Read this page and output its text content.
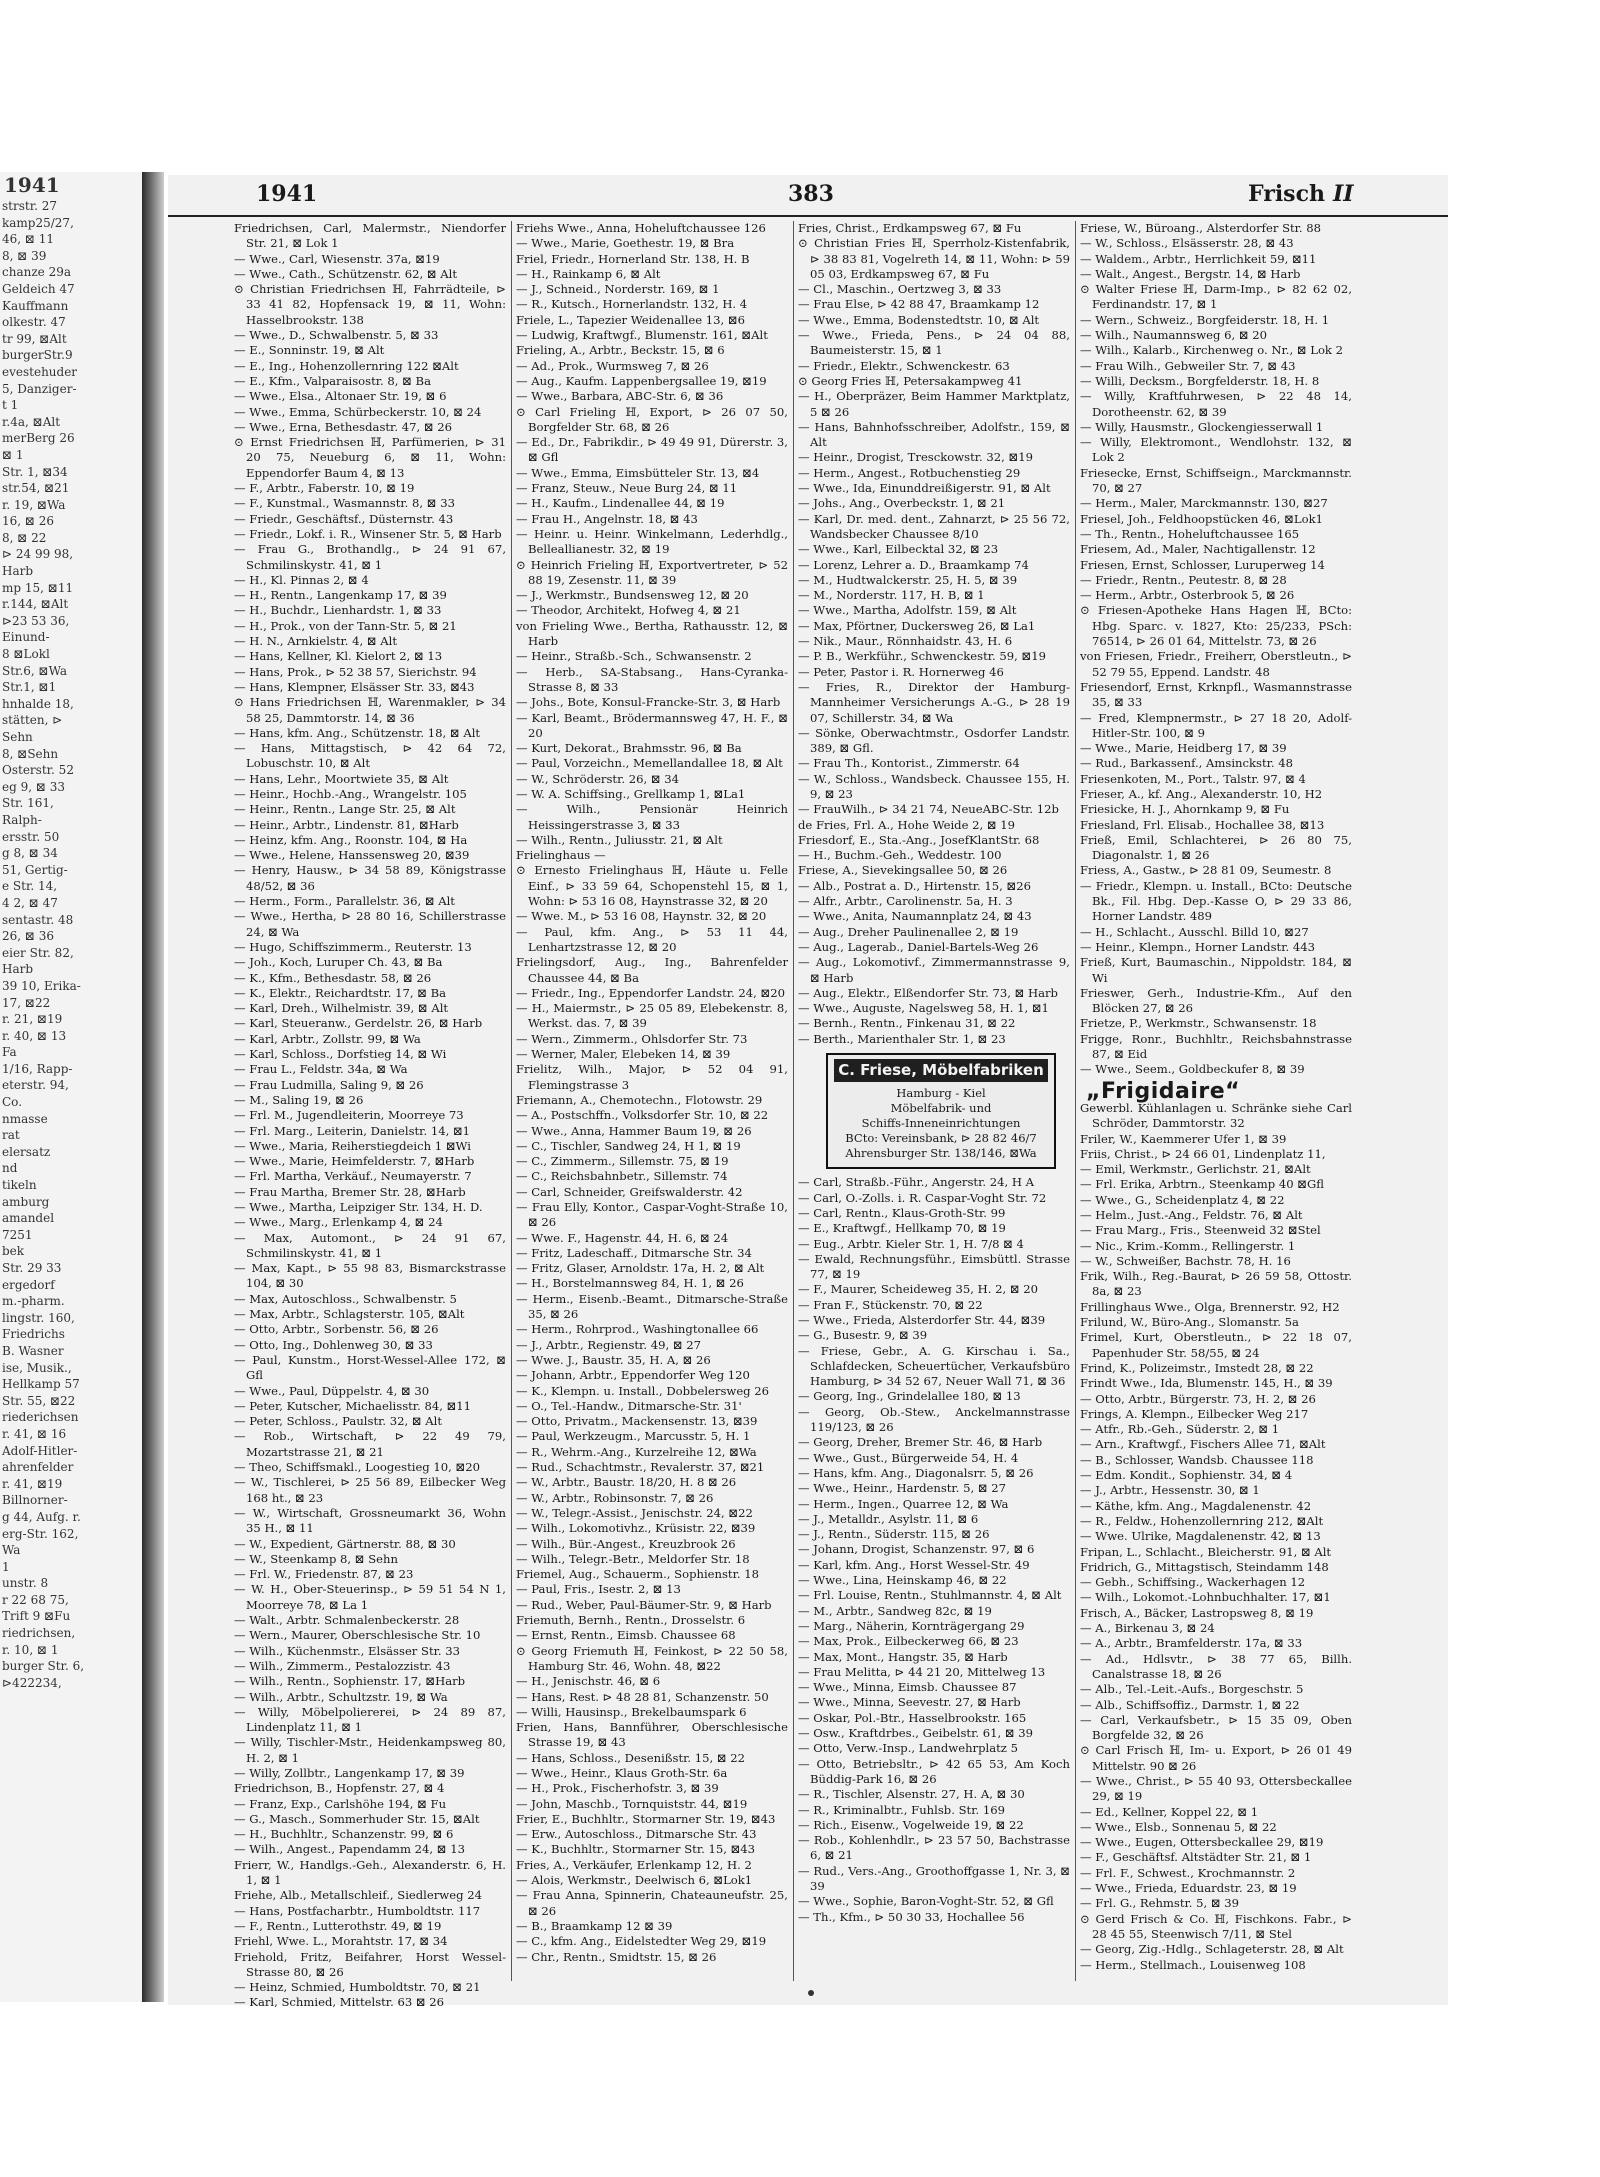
1941
strstr. 27
kamp25/27,
46, ⊠ 11
8, ⊠ 39
chanze 29a
Geldeich 47
Kauffmann
olkestr. 47
tr 99, ⊠Alt
burgerStr.9
evestehuder
5, Danziger-
t 1
r.4a, ⊠Alt
merBerg 26
⊠ 1
Str. 1, ⊠34
str.54, ⊠21
r. 19, ⊠Wa
16, ⊠ 26
8, ⊠ 22
⊳ 24 99 98,
Harb
mp 15, ⊠11
r.144, ⊠Alt
⊳23 53 36,
Einund-
8 ⊠Lokl
Str.6, ⊠Wa
Str.1, ⊠1
hnhalde 18,
stätten, ⊳
Sehn
8, ⊠Sehn
Osterstr. 52
eg 9, ⊠ 33
Str. 161,
Ralph-
ersstr. 50
g 8, ⊠ 34
51, Gertig-
e Str. 14,
4 2, ⊠ 47
sentastr. 48
26, ⊠ 36
eier Str. 82,
Harb
39 10, Erika-
17, ⊠22
r. 21, ⊠19
r. 40, ⊠ 13
Fa
1/16, Rapp-
eterstr. 94,
Co.
nmasse
rat
elersatz
nd
tikeln
amburg
amandel
7251
bek
Str. 29 33
ergedorf
m.-pharm.
lingstr. 160,
Friedrichs
B. Wasner
ise, Musik.,
Hellkamp 57
Str. 55, ⊠22
riederichsen
r. 41, ⊠ 16
Adolf-Hitler-
ahrenfelder
r. 41, ⊠19
Billnorner-
g 44, Aufg. r.
erg-Str. 162,
Wa
1
unstr. 8
r 22 68 75,
Trift 9 ⊠Fu
riedrichsen,
r. 10, ⊠ 1
burger Str. 6,
⊳422234,
1941	383	Frisch II

Friedrichsen, Carl, Malermstr., Niendorfer Str. 21, ⊠ Lok 1

— Wwe., Carl, Wiesenstr. 37a, ⊠19

— Wwe., Cath., Schützenstr. 62, ⊠ Alt

⊙ Christian Friedrichsen ℍ, Fahrrädteile, ⊳ 33 41 82, Hopfensack 19, ⊠ 11, Wohn: Hasselbrookstr. 138

— Wwe., D., Schwalbenstr. 5, ⊠ 33

— E., Sonninstr. 19, ⊠ Alt

— E., Ing., Hohenzollernring 122 ⊠Alt

— E., Kfm., Valparaisostr. 8, ⊠ Ba

— Wwe., Elsa., Altonaer Str. 19, ⊠ 6

— Wwe., Emma, Schürbeckerstr. 10, ⊠ 24

— Wwe., Erna, Bethesdastr. 47, ⊠ 26

⊙ Ernst Friedrichsen ℍ, Parfümerien, ⊳ 31 20 75, Neueburg 6, ⊠ 11, Wohn: Eppendorfer Baum 4, ⊠ 13

— F., Arbtr., Faberstr. 10, ⊠ 19

— F., Kunstmal., Wasmannstr. 8, ⊠ 33

— Friedr., Geschäftsf., Düsternstr. 43

— Friedr., Lokf. i. R., Winsener Str. 5, ⊠ Harb

— Frau G., Brothandlg., ⊳ 24 91 67, Schmilinskystr. 41, ⊠ 1

— H., Kl. Pinnas 2, ⊠ 4

— H., Rentn., Langenkamp 17, ⊠ 39

— H., Buchdr., Lienhardstr. 1, ⊠ 33

— H., Prok., von der Tann-Str. 5, ⊠ 21

— H. N., Arnkielstr. 4, ⊠ Alt

— Hans, Kellner, Kl. Kielort 2, ⊠ 13

— Hans, Prok., ⊳ 52 38 57, Sierichstr. 94

— Hans, Klempner, Elsässer Str. 33, ⊠43

⊙ Hans Friedrichsen ℍ, Warenmakler, ⊳ 34 58 25, Dammtorstr. 14, ⊠ 36

— Hans, kfm. Ang., Schützenstr. 18, ⊠ Alt

— Hans, Mittagstisch, ⊳ 42 64 72, Lobuschstr. 10, ⊠ Alt

— Hans, Lehr., Moortwiete 35, ⊠ Alt

— Heinr., Hochb.-Ang., Wrangelstr. 105

— Heinr., Rentn., Lange Str. 25, ⊠ Alt

— Heinr., Arbtr., Lindenstr. 81, ⊠Harb

— Heinz, kfm. Ang., Roonstr. 104, ⊠ Ha

— Wwe., Helene, Hanssensweg 20, ⊠39

— Henry, Hausw., ⊳ 34 58 89, Königstrasse 48/52, ⊠ 36

— Herm., Form., Parallelstr. 36, ⊠ Alt

— Wwe., Hertha, ⊳ 28 80 16, Schillerstrasse 24, ⊠ Wa

— Hugo, Schiffszimmerm., Reuterstr. 13

— Joh., Koch, Luruper Ch. 43, ⊠ Ba

— K., Kfm., Bethesdastr. 58, ⊠ 26

— K., Elektr., Reichardtstr. 17, ⊠ Ba

— Karl, Dreh., Wilhelmistr. 39, ⊠ Alt

— Karl, Steueranw., Gerdelstr. 26, ⊠ Harb

— Karl, Arbtr., Zollstr. 99, ⊠ Wa

— Karl, Schloss., Dorfstieg 14, ⊠ Wi

— Frau L., Feldstr. 34a, ⊠ Wa

— Frau Ludmilla, Saling 9, ⊠ 26

— M., Saling 19, ⊠ 26

— Frl. M., Jugendleiterin, Moorreye 73

— Frl. Marg., Leiterin, Danielstr. 14, ⊠1

— Wwe., Maria, Reiherstiegdeich 1 ⊠Wi

— Wwe., Marie, Heimfelderstr. 7, ⊠Harb

— Frl. Martha, Verkäuf., Neumayerstr. 7

— Frau Martha, Bremer Str. 28, ⊠Harb

— Wwe., Martha, Leipziger Str. 134, H. D.

— Wwe., Marg., Erlenkamp 4, ⊠ 24

— Max, Automont., ⊳ 24 91 67, Schmilinskystr. 41, ⊠ 1

— Max, Kapt., ⊳ 55 98 83, Bismarckstrasse 104, ⊠ 30

— Max, Autoschloss., Schwalbenstr. 5

— Max, Arbtr., Schlagsterstr. 105, ⊠Alt

— Otto, Arbtr., Sorbenstr. 56, ⊠ 26

— Otto, Ing., Dohlenweg 30, ⊠ 33

— Paul, Kunstm., Horst-Wessel-Allee 172, ⊠ Gfl

— Wwe., Paul, Düppelstr. 4, ⊠ 30

— Peter, Kutscher, Michaelisstr. 84, ⊠11

— Peter, Schloss., Paulstr. 32, ⊠ Alt

— Rob., Wirtschaft, ⊳ 22 49 79, Mozartstrasse 21, ⊠ 21

— Theo, Schiffsmakl., Loogestieg 10, ⊠20

— W., Tischlerei, ⊳ 25 56 89, Eilbecker Weg 168 ht., ⊠ 23

— W., Wirtschaft, Grossneumarkt 36, Wohn 35 H., ⊠ 11

— W., Expedient, Gärtnerstr. 88, ⊠ 30

— W., Steenkamp 8, ⊠ Sehn

— Frl. W., Friedenstr. 87, ⊠ 23

— W. H., Ober-Steuerinsp., ⊳ 59 51 54 N 1, Moorreye 78, ⊠ La 1

— Walt., Arbtr. Schmalenbeckerstr. 28

— Wern., Maurer, Oberschlesische Str. 10

— Wilh., Küchenmstr., Elsässer Str. 33

— Wilh., Zimmerm., Pestalozzistr. 43

— Wilh., Rentn., Sophienstr. 17, ⊠Harb

— Wilh., Arbtr., Schultzstr. 19, ⊠ Wa

— Willy, Möbelpoliererei, ⊳ 24 89 87, Lindenplatz 11, ⊠ 1

— Willy, Tischler-Mstr., Heidenkampsweg 80, H. 2, ⊠ 1

— Willy, Zollbtr., Langenkamp 17, ⊠ 39

Friedrichson, B., Hopfenstr. 27, ⊠ 4

— Franz, Exp., Carlshöhe 194, ⊠ Fu

— G., Masch., Sommerhuder Str. 15, ⊠Alt

— H., Buchhltr., Schanzenstr. 99, ⊠ 6

— Wilh., Angest., Papendamm 24, ⊠ 13

Frierr, W., Handlgs.-Geh., Alexanderstr. 6, H. 1, ⊠ 1

Friehe, Alb., Metallschleif., Siedlerweg 24

— Hans, Postfacharbtr., Humboldtstr. 117

— F., Rentn., Lutterothstr. 49, ⊠ 19

Friehl, Wwe. L., Morahtstr. 17, ⊠ 34

Friehold, Fritz, Beifahrer, Horst Wessel-Strasse 80, ⊠ 26

— Heinz, Schmied, Humboldtstr. 70, ⊠ 21

— Karl, Schmied, Mittelstr. 63 ⊠ 26

Friehs Wwe., Anna, Hoheluftchaussee 126

— Wwe., Marie, Goethestr. 19, ⊠ Bra

Friel, Friedr., Hornerland Str. 138, H. B

— H., Rainkamp 6, ⊠ Alt

— J., Schneid., Norderstr. 169, ⊠ 1

— R., Kutsch., Hornerlandstr. 132, H. 4

Friele, L., Tapezier Weidenallee 13, ⊠6

— Ludwig, Kraftwgf., Blumenstr. 161, ⊠Alt

Frieling, A., Arbtr., Beckstr. 15, ⊠ 6

— Ad., Prok., Wurmsweg 7, ⊠ 26

— Aug., Kaufm. Lappenbergsallee 19, ⊠19

— Wwe., Barbara, ABC-Str. 6, ⊠ 36

⊙ Carl Frieling ℍ, Export, ⊳ 26 07 50, Borgfelder Str. 68, ⊠ 26

— Ed., Dr., Fabrikdir., ⊳ 49 49 91, Dürerstr. 3, ⊠ Gfl

— Wwe., Emma, Eimsbütteler Str. 13, ⊠4

— Franz, Steuw., Neue Burg 24, ⊠ 11

— H., Kaufm., Lindenallee 44, ⊠ 19

— Frau H., Angelnstr. 18, ⊠ 43

— Heinr. u. Heinr. Winkelmann, Lederhdlg., Belleallianestr. 32, ⊠ 19

⊙ Heinrich Frieling ℍ, Exportvertreter, ⊳ 52 88 19, Zesenstr. 11, ⊠ 39

— J., Werkmstr., Bundsensweg 12, ⊠ 20

— Theodor, Architekt, Hofweg 4, ⊠ 21

von Frieling Wwe., Bertha, Rathausstr. 12, ⊠ Harb

— Heinr., Straßb.-Sch., Schwansenstr. 2

— Herb., SA-Stabsang., Hans-Cyranka-Strasse 8, ⊠ 33

— Johs., Bote, Konsul-Francke-Str. 3, ⊠ Harb

— Karl, Beamt., Brödermannsweg 47, H. F., ⊠ 20

— Kurt, Dekorat., Brahmsstr. 96, ⊠ Ba

— Paul, Vorzeichn., Memellandallee 18, ⊠ Alt

— W., Schröderstr. 26, ⊠ 34

— W. A. Schiffsing., Grellkamp 1, ⊠La1

— Wilh., Pensionär Heinrich Heissingerstrasse 3, ⊠ 33

— Wilh., Rentn., Juliusstr. 21, ⊠ Alt

Frielinghaus —

⊙ Ernesto Frielinghaus ℍ, Häute u. Felle Einf., ⊳ 33 59 64, Schopenstehl 15, ⊠ 1, Wohn: ⊳ 53 16 08, Haynstrasse 32, ⊠ 20

— Wwe. M., ⊳ 53 16 08, Haynstr. 32, ⊠ 20

— Paul, kfm. Ang., ⊳ 53 11 44, Lenhartzstrasse 12, ⊠ 20

Frielingsdorf, Aug., Ing., Bahrenfelder Chaussee 44, ⊠ Ba

— Friedr., Ing., Eppendorfer Landstr. 24, ⊠20

— H., Maiermstr., ⊳ 25 05 89, Elebekenstr. 8, Werkst. das. 7, ⊠ 39

— Wern., Zimmerm., Ohlsdorfer Str. 73

— Werner, Maler, Elebeken 14, ⊠ 39

Frielitz, Wilh., Major, ⊳ 52 04 91, Flemingstrasse 3

Friemann, A., Chemotechn., Flotowstr. 29

— A., Postschffn., Volksdorfer Str. 10, ⊠ 22

— Wwe., Anna, Hammer Baum 19, ⊠ 26

— C., Tischler, Sandweg 24, H 1, ⊠ 19

— C., Zimmerm., Sillemstr. 75, ⊠ 19

— C., Reichsbahnbetr., Sillemstr. 74

— Carl, Schneider, Greifswalderstr. 42

— Frau Elly, Kontor., Caspar-Voght-Straße 10, ⊠ 26

— Wwe. F., Hagenstr. 44, H. 6, ⊠ 24

— Fritz, Ladeschaff., Ditmarsche Str. 34

— Fritz, Glaser, Arnoldstr. 17a, H. 2, ⊠ Alt

— H., Borstelmannsweg 84, H. 1, ⊠ 26

— Herm., Eisenb.-Beamt., Ditmarsche-Straße 35, ⊠ 26

— Herm., Rohrprod., Washingtonallee 66

— J., Arbtr., Regienstr. 49, ⊠ 27

— Wwe. J., Baustr. 35, H. A, ⊠ 26

— Johann, Arbtr., Eppendorfer Weg 120

— K., Klempn. u. Install., Dobbelersweg 26

— O., Tel.-Handw., Ditmarsche-Str. 31'

— Otto, Privatm., Mackensenstr. 13, ⊠39

— Paul, Werkzeugm., Marcusstr. 5, H. 1

— R., Wehrm.-Ang., Kurzelreihe 12, ⊠Wa

— Rud., Schachtmstr., Revalerstr. 37, ⊠21

— W., Arbtr., Baustr. 18/20, H. 8 ⊠ 26

— W., Arbtr., Robinsonstr. 7, ⊠ 26

— W., Telegr.-Assist., Jenischstr. 24, ⊠22

— Wilh., Lokomotivhz., Krüsistr. 22, ⊠39

— Wilh., Bür.-Angest., Kreuzbrook 26

— Wilh., Telegr.-Betr., Meldorfer Str. 18

Friemel, Aug., Schauerm., Sophienstr. 18

— Paul, Fris., Isestr. 2, ⊠ 13

— Rud., Weber, Paul-Bäumer-Str. 9, ⊠ Harb

Friemuth, Bernh., Rentn., Drosselstr. 6

— Ernst, Rentn., Eimsb. Chaussee 68

⊙ Georg Friemuth ℍ, Feinkost, ⊳ 22 50 58, Hamburg Str. 46, Wohn. 48, ⊠22

— H., Jenischstr. 46, ⊠ 6

— Hans, Rest. ⊳ 48 28 81, Schanzenstr. 50

— Willi, Hausinsp., Brekelbaumspark 6

Frien, Hans, Bannführer, Oberschlesische Strasse 19, ⊠ 43

— Hans, Schloss., Desenißstr. 15, ⊠ 22

— Wwe., Heinr., Klaus Groth-Str. 6a

— H., Prok., Fischerhofstr. 3, ⊠ 39

— John, Maschb., Tornquiststr. 44, ⊠19

Frier, E., Buchhltr., Stormarner Str. 19, ⊠43

— Erw., Autoschloss., Ditmarsche Str. 43

— K., Buchhltr., Stormarner Str. 15, ⊠43

Fries, A., Verkäufer, Erlenkamp 12, H. 2

— Alois, Werkmstr., Deelwisch 6, ⊠Lok1

— Frau Anna, Spinnerin, Chateauneufstr. 25, ⊠ 26

— B., Braamkamp 12 ⊠ 39

— C., kfm. Ang., Eidelstedter Weg 29, ⊠19

— Chr., Rentn., Smidtstr. 15, ⊠ 26

Fries, Christ., Erdkampsweg 67, ⊠ Fu

⊙ Christian Fries ℍ, Sperrholz-Kistenfabrik, ⊳ 38 83 81, Vogelreth 14, ⊠ 11, Wohn: ⊳ 59 05 03, Erdkampsweg 67, ⊠ Fu

— Cl., Maschin., Oertzweg 3, ⊠ 33

— Frau Else, ⊳ 42 88 47, Braamkamp 12

— Wwe., Emma, Bodenstedtstr. 10, ⊠ Alt

— Wwe., Frieda, Pens., ⊳ 24 04 88, Baumeisterstr. 15, ⊠ 1

— Friedr., Elektr., Schwenckestr. 63

⊙ Georg Fries ℍ, Petersakampweg 41

— H., Oberpräzer, Beim Hammer Marktplatz, 5 ⊠ 26

— Hans, Bahnhofsschreiber, Adolfstr., 159, ⊠ Alt

— Heinr., Drogist, Tresckowstr. 32, ⊠19

— Herm., Angest., Rotbuchenstieg 29

— Wwe., Ida, Einunddreißigerstr. 91, ⊠ Alt

— Johs., Ang., Overbeckstr. 1, ⊠ 21

— Karl, Dr. med. dent., Zahnarzt, ⊳ 25 56 72, Wandsbecker Chaussee 8/10

— Wwe., Karl, Eilbecktal 32, ⊠ 23

— Lorenz, Lehrer a. D., Braamkamp 74

— M., Hudtwalckerstr. 25, H. 5, ⊠ 39

— M., Norderstr. 117, H. B, ⊠ 1

— Wwe., Martha, Adolfstr. 159, ⊠ Alt

— Max, Pförtner, Duckersweg 26, ⊠ La1

— Nik., Maur., Rönnhaidstr. 43, H. 6

— P. B., Werkführ., Schwenckestr. 59, ⊠19

— Peter, Pastor i. R. Hornerweg 46

— Fries, R., Direktor der Hamburg-Mannheimer Versicherungs A.-G., ⊳ 28 19 07, Schillerstr. 34, ⊠ Wa

— Sönke, Oberwachtmstr., Osdorfer Landstr. 389, ⊠ Gfl.

— Frau Th., Kontorist., Zimmerstr. 64

— W., Schloss., Wandsbeck. Chaussee 155, H. 9, ⊠ 23

— FrauWilh., ⊳ 34 21 74, NeueABC-Str. 12b

de Fries, Frl. A., Hohe Weide 2, ⊠ 19

Friesdorf, E., Sta.-Ang., JosefKlantStr. 68

— H., Buchm.-Geh., Weddestr. 100

Friese, A., Sievekingsallee 50, ⊠ 26

— Alb., Postrat a. D., Hirtenstr. 15, ⊠26

— Alfr., Arbtr., Carolinenstr. 5a, H. 3

— Wwe., Anita, Naumannplatz 24, ⊠ 43

— Aug., Dreher Paulinenallee 2, ⊠ 19

— Aug., Lagerab., Daniel-Bartels-Weg 26

— Aug., Lokomotivf., Zimmermannstrasse 9, ⊠ Harb

— Aug., Elektr., Elßendorfer Str. 73, ⊠ Harb

— Wwe., Auguste, Nagelsweg 58, H. 1, ⊠1

— Bernh., Rentn., Finkenau 31, ⊠ 22

— Berth., Marienthaler Str. 1, ⊠ 23

C. Friese, Möbelfabriken
Hamburg - Kiel
Möbelfabrik- und
Schiffs-Inneneinrichtungen
BCto: Vereinsbank, ⊳ 28 82 46/7
Ahrensburger Str. 138/146, ⊠Wa

— Carl, Straßb.-Führ., Angerstr. 24, H A

— Carl, O.-Zolls. i. R. Caspar-Voght Str. 72

— Carl, Rentn., Klaus-Groth-Str. 99

— E., Kraftwgf., Hellkamp 70, ⊠ 19

— Eug., Arbtr. Kieler Str. 1, H. 7/8 ⊠ 4

— Ewald, Rechnungsführ., Eimsbüttl. Strasse 77, ⊠ 19

— F., Maurer, Scheideweg 35, H. 2, ⊠ 20

— Fran F., Stückenstr. 70, ⊠ 22

— Wwe., Frieda, Alsterdorfer Str. 44, ⊠39

— G., Busestr. 9, ⊠ 39

— Friese, Gebr., A. G. Kirschau i. Sa., Schlafdecken, Scheuertücher, Verkaufsbüro Hamburg, ⊳ 34 52 67, Neuer Wall 71, ⊠ 36

— Georg, Ing., Grindelallee 180, ⊠ 13

— Georg, Ob.-Stew., Anckelmannstrasse 119/123, ⊠ 26

— Georg, Dreher, Bremer Str. 46, ⊠ Harb

— Wwe., Gust., Bürgerweide 54, H. 4

— Hans, kfm. Ang., Diagonalsrr. 5, ⊠ 26

— Wwe., Heinr., Hardenstr. 5, ⊠ 27

— Herm., Ingen., Quarree 12, ⊠ Wa

— J., Metalldr., Asylstr. 11, ⊠ 6

— J., Rentn., Süderstr. 115, ⊠ 26

— Johann, Drogist, Schanzenstr. 97, ⊠ 6

— Karl, kfm. Ang., Horst Wessel-Str. 49

— Wwe., Lina, Heinskamp 46, ⊠ 22

— Frl. Louise, Rentn., Stuhlmannstr. 4, ⊠ Alt

— M., Arbtr., Sandweg 82c, ⊠ 19

— Marg., Näherin, Kornträgergang 29

— Max, Prok., Eilbeckerweg 66, ⊠ 23

— Max, Mont., Hangstr. 35, ⊠ Harb

— Frau Melitta, ⊳ 44 21 20, Mittelweg 13

— Wwe., Minna, Eimsb. Chaussee 87

— Wwe., Minna, Seevestr. 27, ⊠ Harb

— Oskar, Pol.-Btr., Hasselbrookstr. 165

— Osw., Kraftdrbes., Geibelstr. 61, ⊠ 39

— Otto, Verw.-Insp., Landwehrplatz 5

— Otto, Betriebsltr., ⊳ 42 65 53, Am Koch Büddig-Park 16, ⊠ 26

— R., Tischler, Alsenstr. 27, H. A, ⊠ 30

— R., Kriminalbtr., Fuhlsb. Str. 169

— Rich., Eisenw., Vogelweide 19, ⊠ 22

— Rob., Kohlenhdlr., ⊳ 23 57 50, Bachstrasse 6, ⊠ 21

— Rud., Vers.-Ang., Groothoffgasse 1, Nr. 3, ⊠ 39

— Wwe., Sophie, Baron-Voght-Str. 52, ⊠ Gfl

— Th., Kfm., ⊳ 50 30 33, Hochallee 56

Friese, W., Büroang., Alsterdorfer Str. 88

— W., Schloss., Elsässerstr. 28, ⊠ 43

— Waldem., Arbtr., Herrlichkeit 59, ⊠11

— Walt., Angest., Bergstr. 14, ⊠ Harb

⊙ Walter Friese ℍ, Darm-Imp., ⊳ 82 62 02, Ferdinandstr. 17, ⊠ 1

— Wern., Schweiz., Borgfeiderstr. 18, H. 1

— Wilh., Naumannsweg 6, ⊠ 20

— Wilh., Kalarb., Kirchenweg o. Nr., ⊠ Lok 2

— Frau Wilh., Gebweiler Str. 7, ⊠ 43

— Willi, Decksm., Borgfelderstr. 18, H. 8

— Willy, Kraftfuhrwesen, ⊳ 22 48 14, Dorotheenstr. 62, ⊠ 39

— Willy, Hausmstr., Glockengiesserwall 1

— Willy, Elektromont., Wendlohstr. 132, ⊠ Lok 2

Friesecke, Ernst, Schiffseign., Marckmannstr. 70, ⊠ 27

— Herm., Maler, Marckmannstr. 130, ⊠27

Friesel, Joh., Feldhoopstücken 46, ⊠Lok1

— Th., Rentn., Hoheluftchaussee 165

Friesem, Ad., Maler, Nachtigallenstr. 12

Friesen, Ernst, Schlosser, Luruperweg 14

— Friedr., Rentn., Peutestr. 8, ⊠ 28

— Herm., Arbtr., Osterbrook 5, ⊠ 26

⊙ Friesen-Apotheke Hans Hagen ℍ, BCto: Hbg. Sparc. v. 1827, Kto: 25/233, PSch: 76514, ⊳ 26 01 64, Mittelstr. 73, ⊠ 26

von Friesen, Friedr., Freiherr, Oberstleutn., ⊳ 52 79 55, Eppend. Landstr. 48

Friesendorf, Ernst, Krknpfl., Wasmannstrasse 35, ⊠ 33

— Fred, Klempnermstr., ⊳ 27 18 20, Adolf-Hitler-Str. 100, ⊠ 9

— Wwe., Marie, Heidberg 17, ⊠ 39

— Rud., Barkassenf., Amsinckstr. 48

Friesenkoten, M., Port., Talstr. 97, ⊠ 4

Frieser, A., kf. Ang., Alexanderstr. 10, H2

Friesicke, H. J., Ahornkamp 9, ⊠ Fu

Friesland, Frl. Elisab., Hochallee 38, ⊠13

Frieß, Emil, Schlachterei, ⊳ 26 80 75, Diagonalstr. 1, ⊠ 26

Friess, A., Gastw., ⊳ 28 81 09, Seumestr. 8

— Friedr., Klempn. u. Install., BCto: Deutsche Bk., Fil. Hbg. Dep.-Kasse O, ⊳ 29 33 86, Horner Landstr. 489

— H., Schlacht., Ausschl. Billd 10, ⊠27

— Heinr., Klempn., Horner Landstr. 443

Frieß, Kurt, Baumaschin., Nippoldstr. 184, ⊠ Wi

Frieswer, Gerh., Industrie-Kfm., Auf den Blöcken 27, ⊠ 26

Frietze, P., Werkmstr., Schwansenstr. 18

Frigge, Ronr., Buchhltr., Reichsbahnstrasse 87, ⊠ Eid

— Wwe., Seem., Goldbeckufer 8, ⊠ 39

„Frigidaire“

Gewerbl. Kühlanlagen u. Schränke siehe Carl Schröder, Dammtorstr. 32

Friler, W., Kaemmerer Ufer 1, ⊠ 39

Friis, Christ., ⊳ 24 66 01, Lindenplatz 11,

— Emil, Werkmstr., Gerlichstr. 21, ⊠Alt

— Frl. Erika, Arbtrn., Steenkamp 40 ⊠Gfl

— Wwe., G., Scheidenplatz 4, ⊠ 22

— Helm., Just.-Ang., Feldstr. 76, ⊠ Alt

— Frau Marg., Fris., Steenweid 32 ⊠Stel

— Nic., Krim.-Komm., Rellingerstr. 1

— W., Schweißer, Bachstr. 78, H. 16

Frik, Wilh., Reg.-Baurat, ⊳ 26 59 58, Ottostr. 8a, ⊠ 23

Frillinghaus Wwe., Olga, Brennerstr. 92, H2

Frilund, W., Büro-Ang., Slomanstr. 5a

Frimel, Kurt, Oberstleutn., ⊳ 22 18 07, Papenhuder Str. 58/55, ⊠ 24

Frind, K., Polizeimstr., Imstedt 28, ⊠ 22

Frindt Wwe., Ida, Blumenstr. 145, H., ⊠ 39

— Otto, Arbtr., Bürgerstr. 73, H. 2, ⊠ 26

Frings, A. Klempn., Eilbecker Weg 217

— Atfr., Rb.-Geh., Süderstr. 2, ⊠ 1

— Arn., Kraftwgf., Fischers Allee 71, ⊠Alt

— B., Schlosser, Wandsb. Chaussee 118

— Edm. Kondit., Sophienstr. 34, ⊠ 4

— J., Arbtr., Hessenstr. 30, ⊠ 1

— Käthe, kfm. Ang., Magdalenenstr. 42

— R., Feldw., Hohenzollernring 212, ⊠Alt

— Wwe. Ulrike, Magdalenenstr. 42, ⊠ 13

Fripan, L., Schlacht., Bleicherstr. 91, ⊠ Alt

Fridrich, G., Mittagstisch, Steindamm 148

— Gebh., Schiffsing., Wackerhagen 12

— Wilh., Lokomot.-Lohnbuchhalter. 17, ⊠1

Frisch, A., Bäcker, Lastropsweg 8, ⊠ 19

— A., Birkenau 3, ⊠ 24

— A., Arbtr., Bramfelderstr. 17a, ⊠ 33

— Ad., Hdlsvtr., ⊳ 38 77 65, Billh. Canalstrasse 18, ⊠ 26

— Alb., Tel.-Leit.-Aufs., Borgeschstr. 5

— Alb., Schiffsoffiz., Darmstr. 1, ⊠ 22

— Carl, Verkaufsbetr., ⊳ 15 35 09, Oben Borgfelde 32, ⊠ 26

⊙ Carl Frisch ℍ, Im- u. Export, ⊳ 26 01 49 Mittelstr. 90 ⊠ 26

— Wwe., Christ., ⊳ 55 40 93, Ottersbeckallee 29, ⊠ 19

— Ed., Kellner, Koppel 22, ⊠ 1

— Wwe., Elsb., Sonnenau 5, ⊠ 22

— Wwe., Eugen, Ottersbeckallee 29, ⊠19

— F., Geschäftsf. Altstädter Str. 21, ⊠ 1

— Frl. F., Schwest., Krochmannstr. 2

— Wwe., Frieda, Eduardstr. 23, ⊠ 19

— Frl. G., Rehmstr. 5, ⊠ 39

⊙ Gerd Frisch & Co. ℍ, Fischkons. Fabr., ⊳ 28 45 55, Steenwisch 7/11, ⊠ Stel

— Georg, Zig.-Hdlg., Schlageterstr. 28, ⊠ Alt

— Herm., Stellmach., Louisenweg 108
